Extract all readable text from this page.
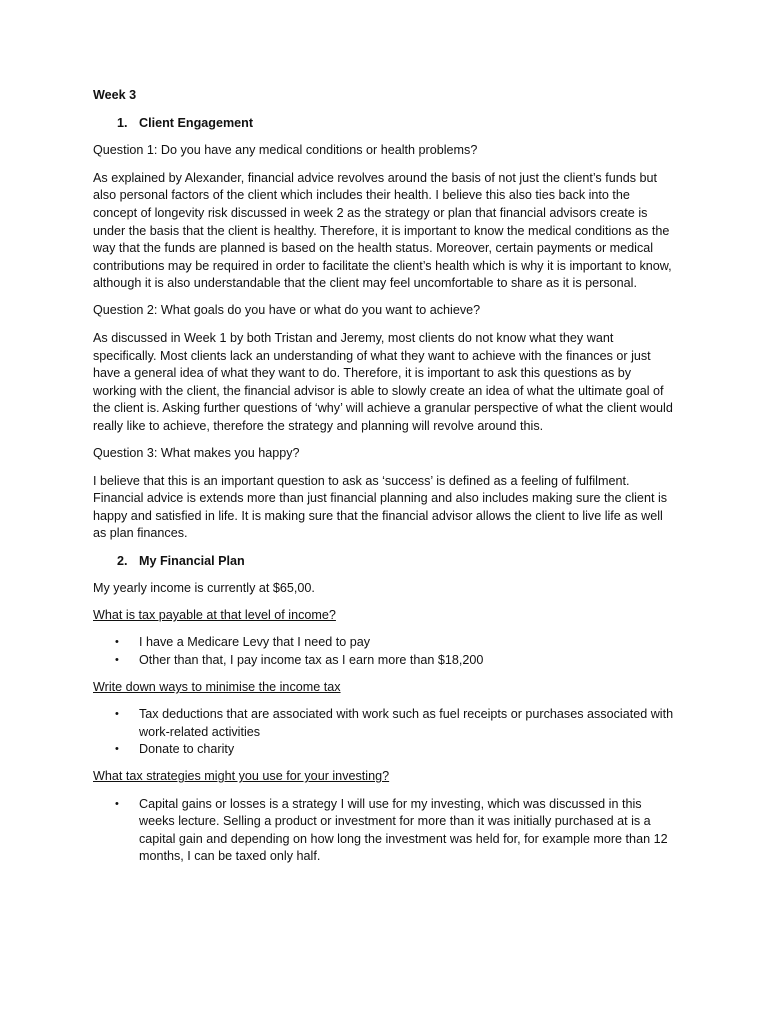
Week 3
1. Client Engagement

Question 1: Do you have any medical conditions or health problems?

As explained by Alexander, financial advice revolves around the basis of not just the client’s funds but also personal factors of the client which includes their health. I believe this also ties back into the concept of longevity risk discussed in week 2 as the strategy or plan that financial advisors create is under the basis that the client is healthy. Therefore, it is important to know the medical conditions as the way that the funds are planned is based on the health status. Moreover, certain payments or medical contributions may be required in order to facilitate the client’s health which is why it is important to know, although it is also understandable that the client may feel uncomfortable to share as it is personal.

Question 2: What goals do you have or what do you want to achieve?

As discussed in Week 1 by both Tristan and Jeremy, most clients do not know what they want specifically. Most clients lack an understanding of what they want to achieve with the finances or just have a general idea of what they want to do. Therefore, it is important to ask this questions as by working with the client, the financial advisor is able to slowly create an idea of what the ultimate goal of the client is. Asking further questions of ‘why’ will achieve a granular perspective of what the client would really like to achieve, therefore the strategy and planning will revolve around this.

Question 3: What makes you happy?

I believe that this is an important question to ask as ‘success’ is defined as a feeling of fulfilment. Financial advice is extends more than just financial planning and also includes making sure the client is happy and satisfied in life. It is making sure that the financial advisor allows the client to live life as well as plan finances.

2. My Financial Plan

My yearly income is currently at $65,00.

What is tax payable at that level of income?
• I have a Medicare Levy that I need to pay
• Other than that, I pay income tax as I earn more than $18,200
Write down ways to minimise the income tax
• Tax deductions that are associated with work such as fuel receipts or purchases associated with work-related activities
• Donate to charity
What tax strategies might you use for your investing?
• Capital gains or losses is a strategy I will use for my investing, which was discussed in this weeks lecture. Selling a product or investment for more than it was initially purchased at is a capital gain and depending on how long the investment was held for, for example more than 12 months, I can be taxed only half.
